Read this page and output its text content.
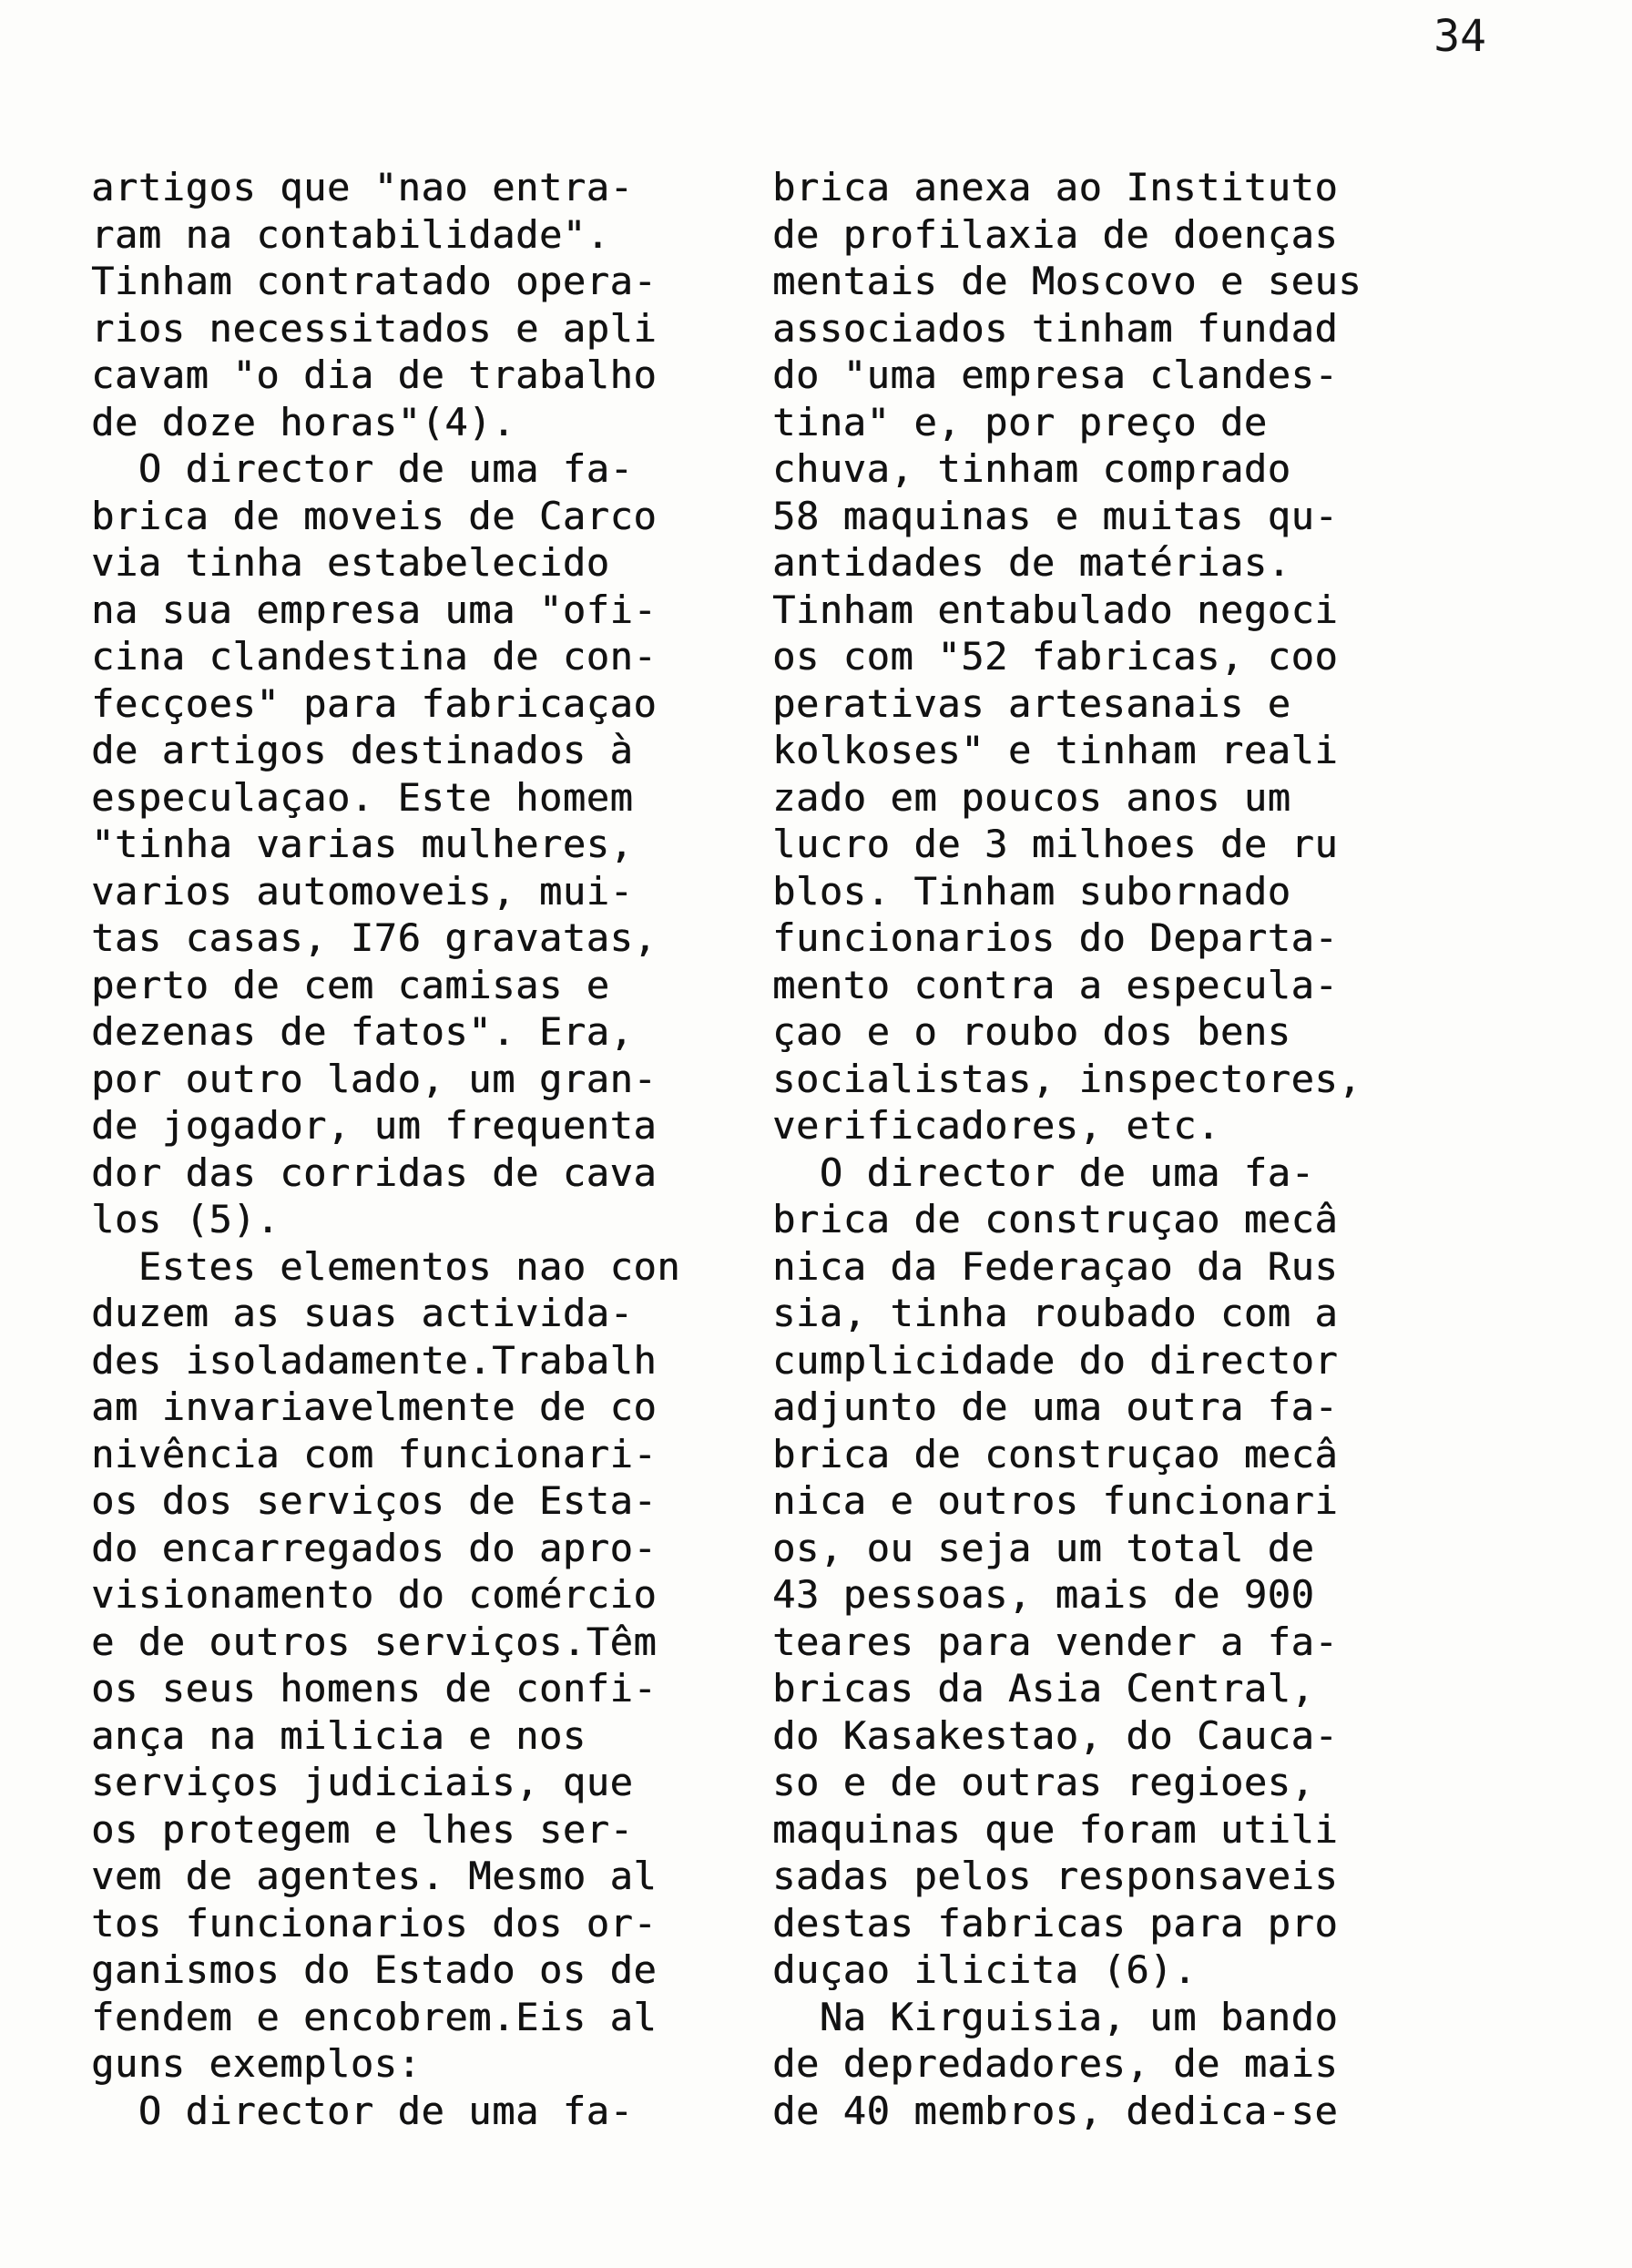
34
artigos que "nao entra-
ram na contabilidade".
Tinham contratado opera-
rios necessitados e apli
cavam "o dia de trabalho
de doze horas"(4).
O director de uma fa-
brica de moveis de Carco
via tinha estabelecido
na sua empresa uma "ofi-
cina clandestina de con-
fecçoes" para fabricaçao
de artigos destinados à
especulaçao. Este homem
"tinha varias mulheres,
varios automoveis, mui-
tas casas, I76 gravatas,
perto de cem camisas e
dezenas de fatos". Era,
por outro lado, um gran-
de jogador, um frequenta
dor das corridas de cava
los (5).
Estes elementos nao con
duzem as suas activida-
des isoladamente.Trabalh
am invariavelmente de co
nivência com funcionari-
os dos serviços de Esta-
do encarregados do apro-
visionamento do comércio
e de outros serviços.Têm
os seus homens de confi-
ança na milicia e nos
serviços judiciais, que
os protegem e lhes ser-
vem de agentes. Mesmo al
tos funcionarios dos or-
ganismos do Estado os de
fendem e encobrem.Eis al
guns exemplos:
O director de uma fa-
brica anexa ao Instituto
de profilaxia de doenças
mentais de Moscovo e seus
associados tinham fundad
do "uma empresa clandes-
tina" e, por preço de
chuva, tinham comprado
58 maquinas e muitas qu-
antidades de matérias.
Tinham entabulado negoci
os com "52 fabricas, coo
perativas artesanais e
kolkoses" e tinham reali
zado em poucos anos um
lucro de 3 milhoes de ru
blos. Tinham subornado
funcionarios do Departa-
mento contra a especula-
çao e o roubo dos bens
socialistas, inspectores,
verificadores, etc.
O director de uma fa-
brica de construçao mecâ
nica da Federaçao da Rus
sia, tinha roubado com a
cumplicidade do director
adjunto de uma outra fa-
brica de construçao mecâ
nica e outros funcionari
os, ou seja um total de
43 pessoas, mais de 900
teares para vender a fa-
bricas da Asia Central,
do Kasakestao, do Cauca-
so e de outras regioes,
maquinas que foram utili
sadas pelos responsaveis
destas fabricas para pro
duçao ilicita (6).
Na Kirguisia, um bando
de depredadores, de mais
de 40 membros, dedica-se
